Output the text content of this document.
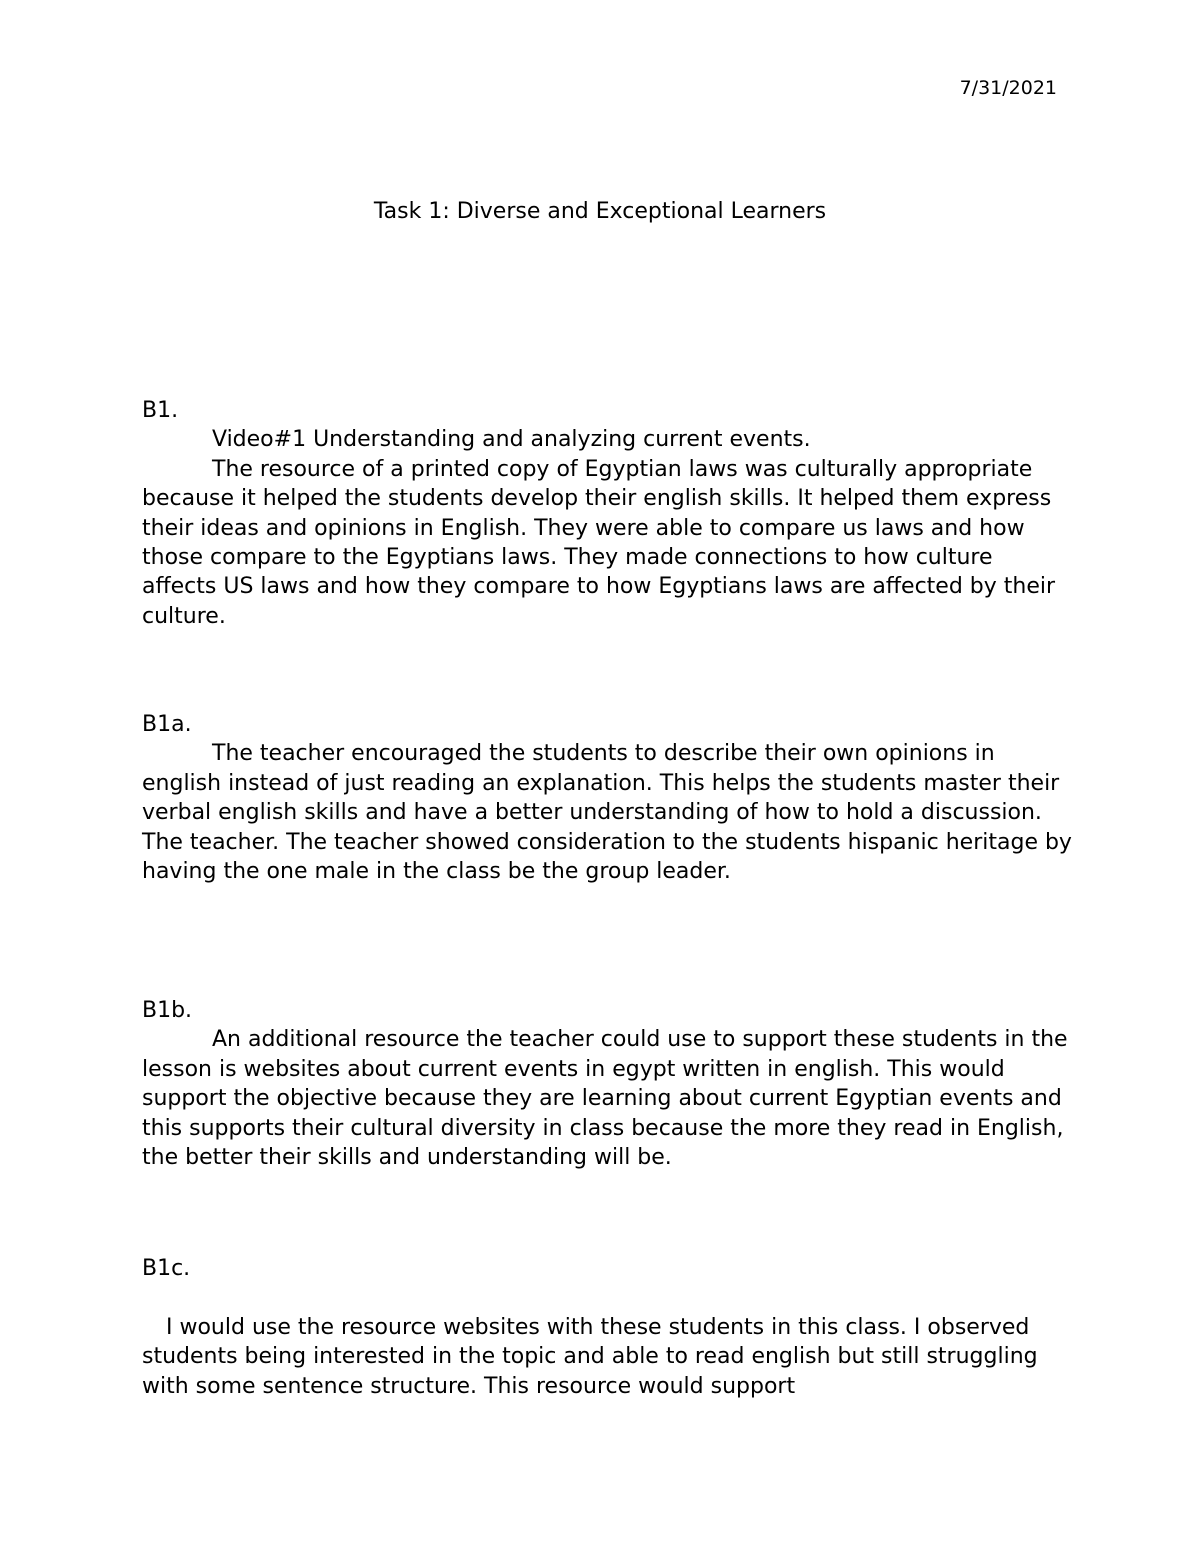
7/31/2021
Task 1: Diverse and Exceptional Learners
B1.

Video#1 Understanding and analyzing current events.

The resource of a printed copy of Egyptian laws was culturally appropriate because it helped the students develop their english skills. It helped them express their ideas and opinions in English. They were able to compare us laws and how those compare to the Egyptians laws. They made connections to how culture affects US laws and how they compare to how Egyptians laws are affected by their culture.

B1a.

The teacher encouraged the students to describe their own opinions in english instead of just reading an explanation. This helps the students master their verbal english skills and have a better understanding of how to hold a discussion. The teacher. The teacher showed consideration to the students hispanic heritage by having the one male in the class be the group leader.

B1b.

An additional resource the teacher could use to support these students in the lesson is websites about current events in egypt written in english. This would support the objective because they are learning about current Egyptian events and this supports their cultural diversity in class because the more they read in English, the better their skills and understanding will be.

B1c.

I would use the resource websites with these students in this class. I observed students being interested in the topic and able to read english but still struggling with some sentence structure. This resource would support
